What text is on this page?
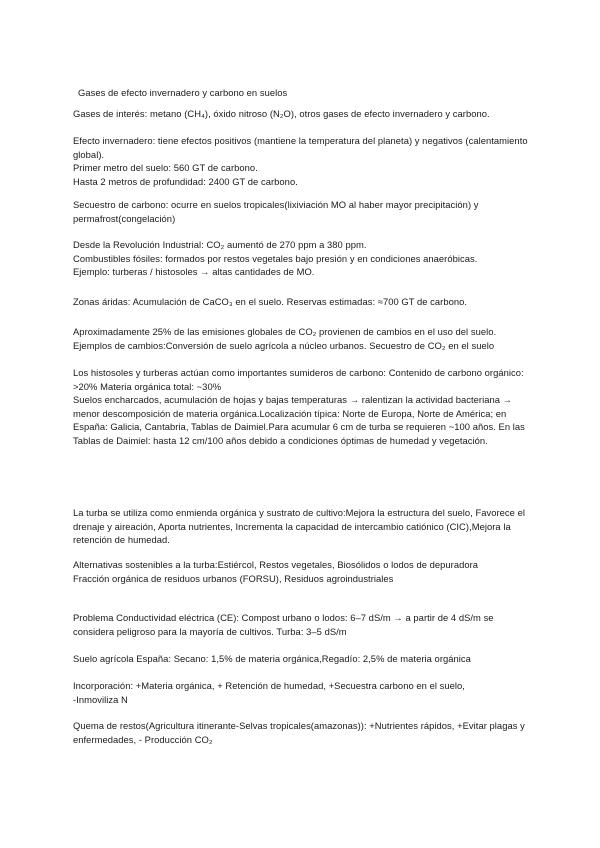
Gases de efecto invernadero y carbono en suelos
Gases de interés: metano (CH₄), óxido nitroso (N₂O), otros gases de efecto invernadero y carbono.

Efecto invernadero: tiene efectos positivos (mantiene la temperatura del planeta) y negativos (calentamiento global).

Primer metro del suelo: 560 GT de carbono.

Hasta 2 metros de profundidad: 2400 GT de carbono.

Secuestro de carbono: ocurre en suelos tropicales(lixiviación MO al haber mayor precipitación) y permafrost(congelación)

Desde la Revolución Industrial: CO₂ aumentó de 270 ppm a 380 ppm.

Combustibles fósiles: formados por restos vegetales bajo presión y en condiciones anaeróbicas.

Ejemplo: turberas / histosoles → altas cantidades de MO.

Zonas áridas: Acumulación de CaCO₃ en el suelo. Reservas estimadas: ≈700 GT de carbono.

Aproximadamente 25% de las emisiones globales de CO₂ provienen de cambios en el uso del suelo.

Ejemplos de cambios:Conversión de suelo agrícola a núcleo urbanos. Secuestro de CO₂ en el suelo

Los histosoles y turberas actúan como importantes sumideros de carbono: Contenido de carbono orgánico: >20% Materia orgánica total: ~30%

Suelos encharcados, acumulación de hojas y bajas temperaturas → ralentizan la actividad bacteriana → menor descomposición de materia orgánica.Localización típica: Norte de Europa, Norte de América; en España: Galicia, Cantabria, Tablas de Daimiel.Para acumular 6 cm de turba se requieren ~100 años. En las Tablas de Daimiel: hasta 12 cm/100 años debido a condiciones óptimas de humedad y vegetación.

La turba se utiliza como enmienda orgánica y sustrato de cultivo:Mejora la estructura del suelo, Favorece el drenaje y aireación, Aporta nutrientes, Incrementa la capacidad de intercambio catiónico (CIC),Mejora la retención de humedad.

Alternativas sostenibles a la turba:Estiércol, Restos vegetales, Biosólidos o lodos de depuradora

Fracción orgánica de residuos urbanos (FORSU), Residuos agroindustriales

Problema Conductividad eléctrica (CE): Compost urbano o lodos: 6–7 dS/m → a partir de 4 dS/m se considera peligroso para la mayoría de cultivos. Turba: 3–5 dS/m
Suelo agrícola España: Secano: 1,5% de materia orgánica,Regadío: 2,5% de materia orgánica

Incorporación: +Materia orgánica, + Retención de humedad, +Secuestra carbono en el suelo,

-Inmoviliza N

Quema de restos(Agricultura itinerante-Selvas tropicales(amazonas)): +Nutrientes rápidos, +Evitar plagas y enfermedades, - Producción CO₂
